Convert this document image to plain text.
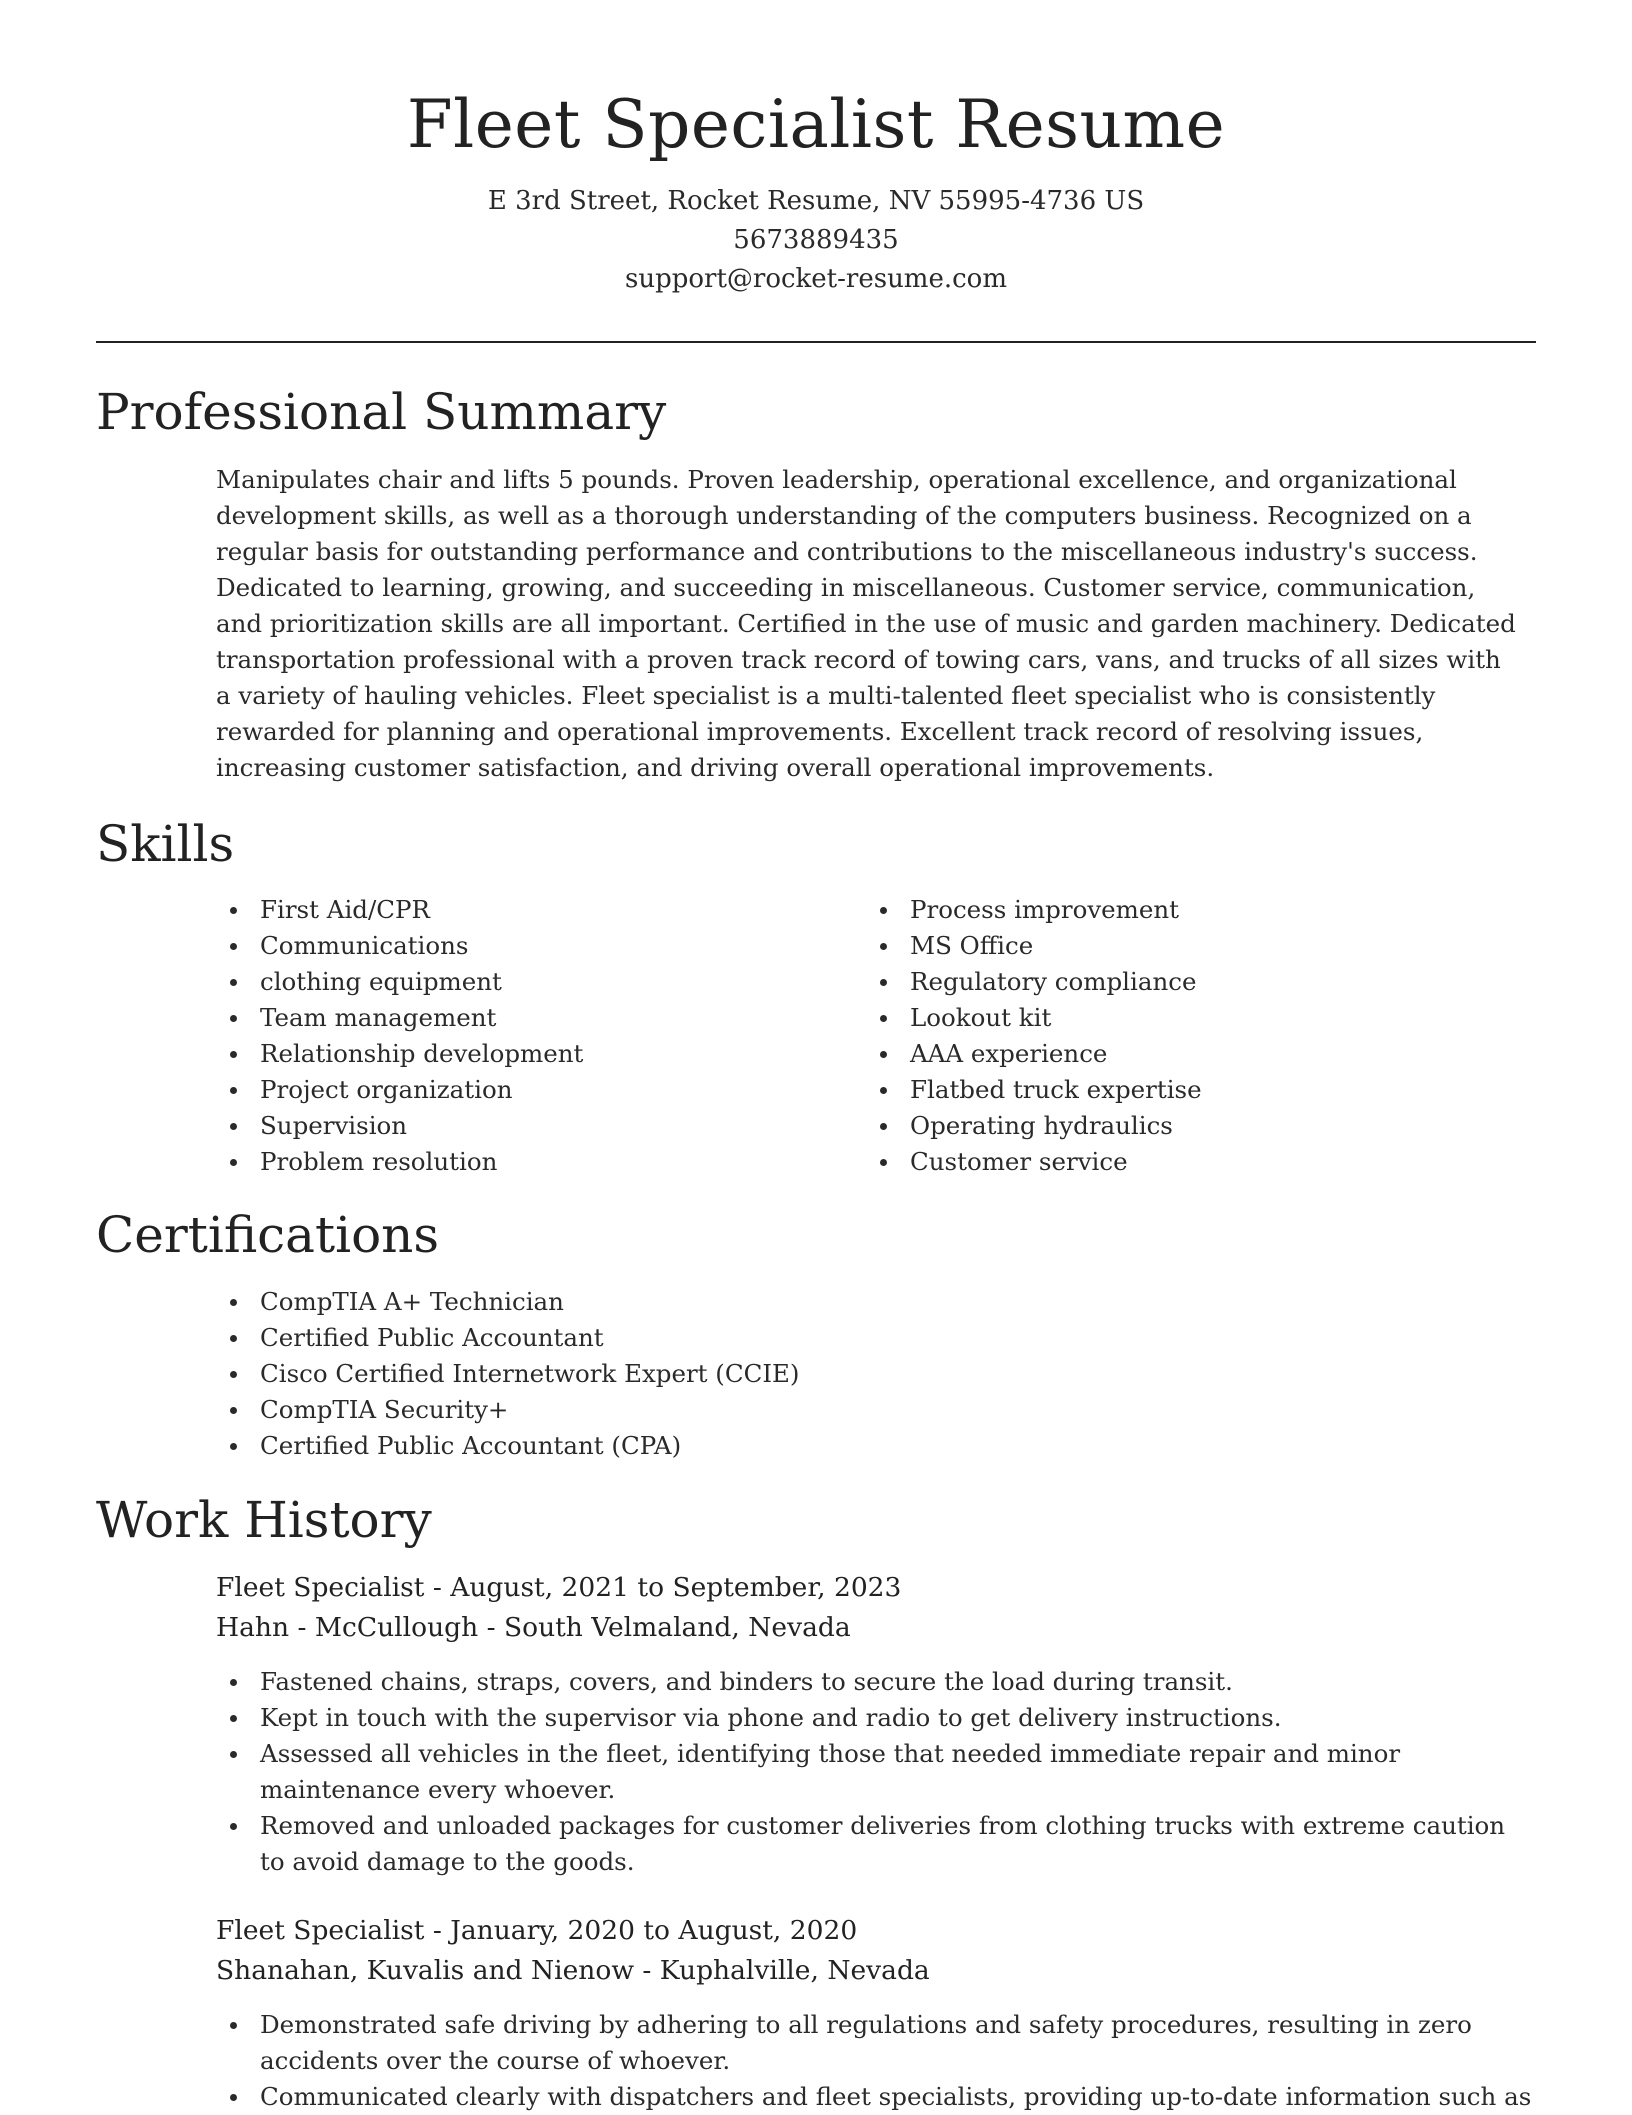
Fleet Specialist Resume
E 3rd Street, Rocket Resume, NV 55995-4736 US
5673889435
support@rocket-resume.com
Professional Summary

Manipulates chair and lifts 5 pounds. Proven leadership, operational excellence, and organizational development skills, as well as a thorough understanding of the computers business. Recognized on a regular basis for outstanding performance and contributions to the miscellaneous industry's success. Dedicated to learning, growing, and succeeding in miscellaneous. Customer service, communication, and prioritization skills are all important. Certified in the use of music and garden machinery. Dedicated transportation professional with a proven track record of towing cars, vans, and trucks of all sizes with a variety of hauling vehicles. Fleet specialist is a multi-talented fleet specialist who is consistently rewarded for planning and operational improvements. Excellent track record of resolving issues, increasing customer satisfaction, and driving overall operational improvements.

Skills
First Aid/CPR
Communications
clothing equipment
Team management
Relationship development
Project organization
Supervision
Problem resolution
Process improvement
MS Office
Regulatory compliance
Lookout kit
AAA experience
Flatbed truck expertise
Operating hydraulics
Customer service
Certifications
CompTIA A+ Technician
Certified Public Accountant
Cisco Certified Internetwork Expert (CCIE)
CompTIA Security+
Certified Public Accountant (CPA)
Work History
Fleet Specialist - August, 2021 to September, 2023
Hahn - McCullough - South Velmaland, Nevada
Fastened chains, straps, covers, and binders to secure the load during transit.
Kept in touch with the supervisor via phone and radio to get delivery instructions.
Assessed all vehicles in the fleet, identifying those that needed immediate repair and minor maintenance every whoever.
Removed and unloaded packages for customer deliveries from clothing trucks with extreme caution to avoid damage to the goods.
Fleet Specialist - January, 2020 to August, 2020
Shanahan, Kuvalis and Nienow - Kuphalville, Nevada
Demonstrated safe driving by adhering to all regulations and safety procedures, resulting in zero accidents over the course of whoever.
Communicated clearly with dispatchers and fleet specialists, providing up-to-date information such as
